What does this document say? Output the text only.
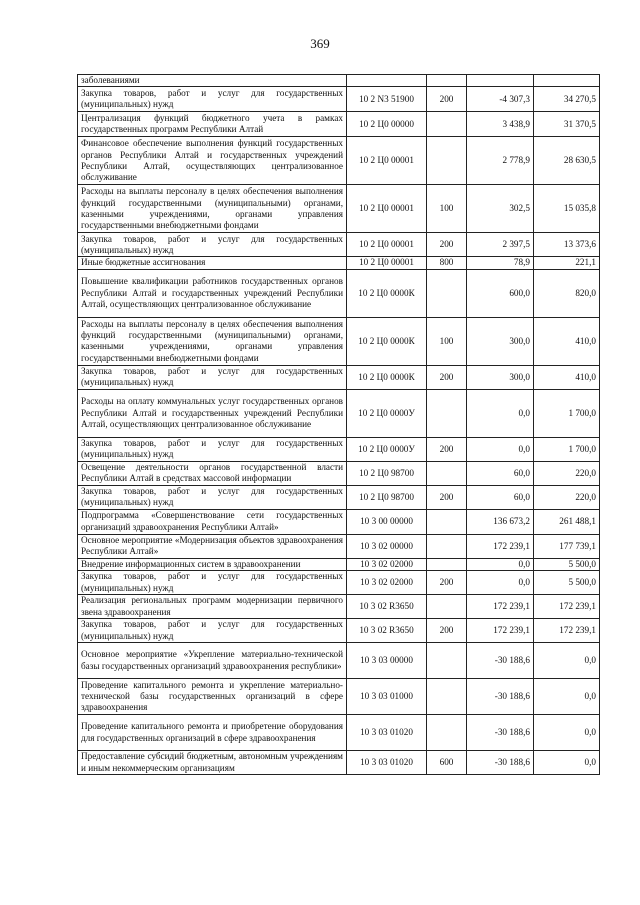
369
заболеваниями				
Закупка товаров, работ и услуг для государственных (муниципальных) нужд	10 2 N3 51900	200	-4 307,3	34 270,5
Централизация функций бюджетного учета в рамках государственных программ Республики Алтай	10 2 Ц0 00000		3 438,9	31 370,5
Финансовое обеспечение выполнения функций государственных органов Республики Алтай и государственных учреждений Республики Алтай, осуществляющих централизованное обслуживание	10 2 Ц0 00001		2 778,9	28 630,5
Расходы на выплаты персоналу в целях обеспечения выполнения функций государственными (муниципальными) органами, казенными учреждениями, органами управления государственными внебюджетными фондами	10 2 Ц0 00001	100	302,5	15 035,8
Закупка товаров, работ и услуг для государственных (муниципальных) нужд	10 2 Ц0 00001	200	2 397,5	13 373,6
Иные бюджетные ассигнования	10 2 Ц0 00001	800	78,9	221,1
Повышение квалификации работников государственных органов Республики Алтай и государственных учреждений Республики Алтай, осуществляющих централизованное обслуживание	10 2 Ц0 0000К		600,0	820,0
Расходы на выплаты персоналу в целях обеспечения выполнения функций государственными (муниципальными) органами, казенными учреждениями, органами управления государственными внебюджетными фондами	10 2 Ц0 0000К	100	300,0	410,0
Закупка товаров, работ и услуг для государственных (муниципальных) нужд	10 2 Ц0 0000К	200	300,0	410,0
Расходы на оплату коммунальных услуг государственных органов Республики Алтай и государственных учреждений Республики Алтай, осуществляющих централизованное обслуживание	10 2 Ц0 0000У		0,0	1 700,0
Закупка товаров, работ и услуг для государственных (муниципальных) нужд	10 2 Ц0 0000У	200	0,0	1 700,0
Освещение деятельности органов государственной власти Республики Алтай в средствах массовой информации	10 2 Ц0 98700		60,0	220,0
Закупка товаров, работ и услуг для государственных (муниципальных) нужд	10 2 Ц0 98700	200	60,0	220,0
Подпрограмма «Совершенствование сети государственных организаций здравоохранения Республики Алтай»	10 3 00 00000		136 673,2	261 488,1
Основное мероприятие «Модернизация объектов здравоохранения Республики Алтай»	10 3 02 00000		172 239,1	177 739,1
Внедрение информационных систем в здравоохранении	10 3 02 02000		0,0	5 500,0
Закупка товаров, работ и услуг для государственных (муниципальных) нужд	10 3 02 02000	200	0,0	5 500,0
Реализация региональных программ модернизации первичного звена здравоохранения	10 3 02 R3650		172 239,1	172 239,1
Закупка товаров, работ и услуг для государственных (муниципальных) нужд	10 3 02 R3650	200	172 239,1	172 239,1
Основное мероприятие «Укрепление материально-технической базы государственных организаций здравоохранения республики»	10 3 03 00000		-30 188,6	0,0
Проведение капитального ремонта и укрепление материально-технической базы государственных организаций в сфере здравоохранения	10 3 03 01000		-30 188,6	0,0
Проведение капитального ремонта и приобретение оборудования для государственных организаций в сфере здравоохранения	10 3 03 01020		-30 188,6	0,0
Предоставление субсидий бюджетным, автономным учреждениям и иным некоммерческим организациям	10 3 03 01020	600	-30 188,6	0,0
